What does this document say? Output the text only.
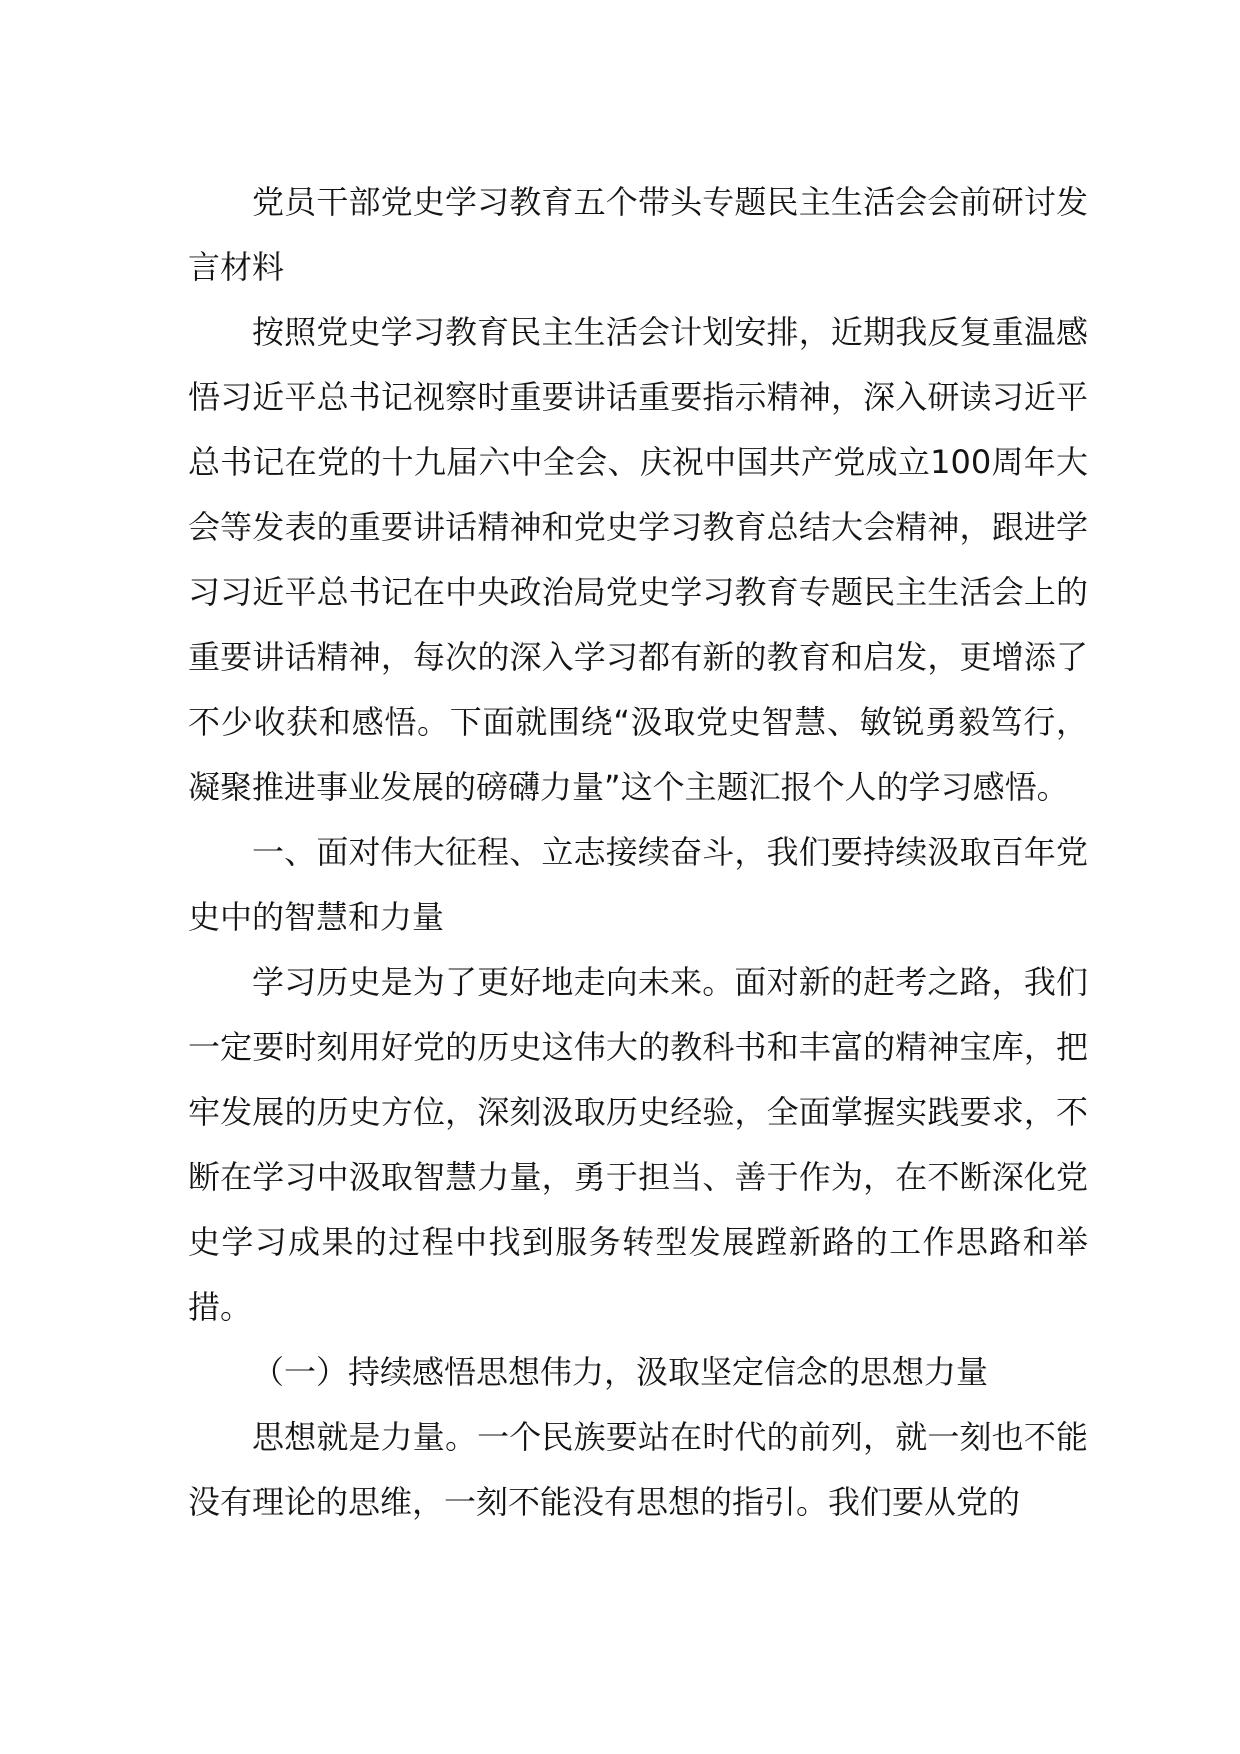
党员干部党史学习教育五个带头专题民主生活会会前研讨发言材料

按照党史学习教育民主生活会计划安排，近期我反复重温感悟习近平总书记视察时重要讲话重要指示精神，深入研读习近平总书记在党的十九届六中全会、庆祝中国共产党成立100周年大会等发表的重要讲话精神和党史学习教育总结大会精神，跟进学习习近平总书记在中央政治局党史学习教育专题民主生活会上的重要讲话精神，每次的深入学习都有新的教育和启发，更增添了不少收获和感悟。下面就围绕“汲取党史智慧、敏锐勇毅笃行，凝聚推进事业发展的磅礴力量”这个主题汇报个人的学习感悟。

一、面对伟大征程、立志接续奋斗，我们要持续汲取百年党史中的智慧和力量

学习历史是为了更好地走向未来。面对新的赶考之路，我们一定要时刻用好党的历史这伟大的教科书和丰富的精神宝库，把牢发展的历史方位，深刻汲取历史经验，全面掌握实践要求，不断在学习中汲取智慧力量，勇于担当、善于作为，在不断深化党史学习成果的过程中找到服务转型发展蹚新路的工作思路和举措。

（一）持续感悟思想伟力，汲取坚定信念的思想力量

思想就是力量。一个民族要站在时代的前列，就一刻也不能没有理论的思维，一刻不能没有思想的指引。我们要从党的
